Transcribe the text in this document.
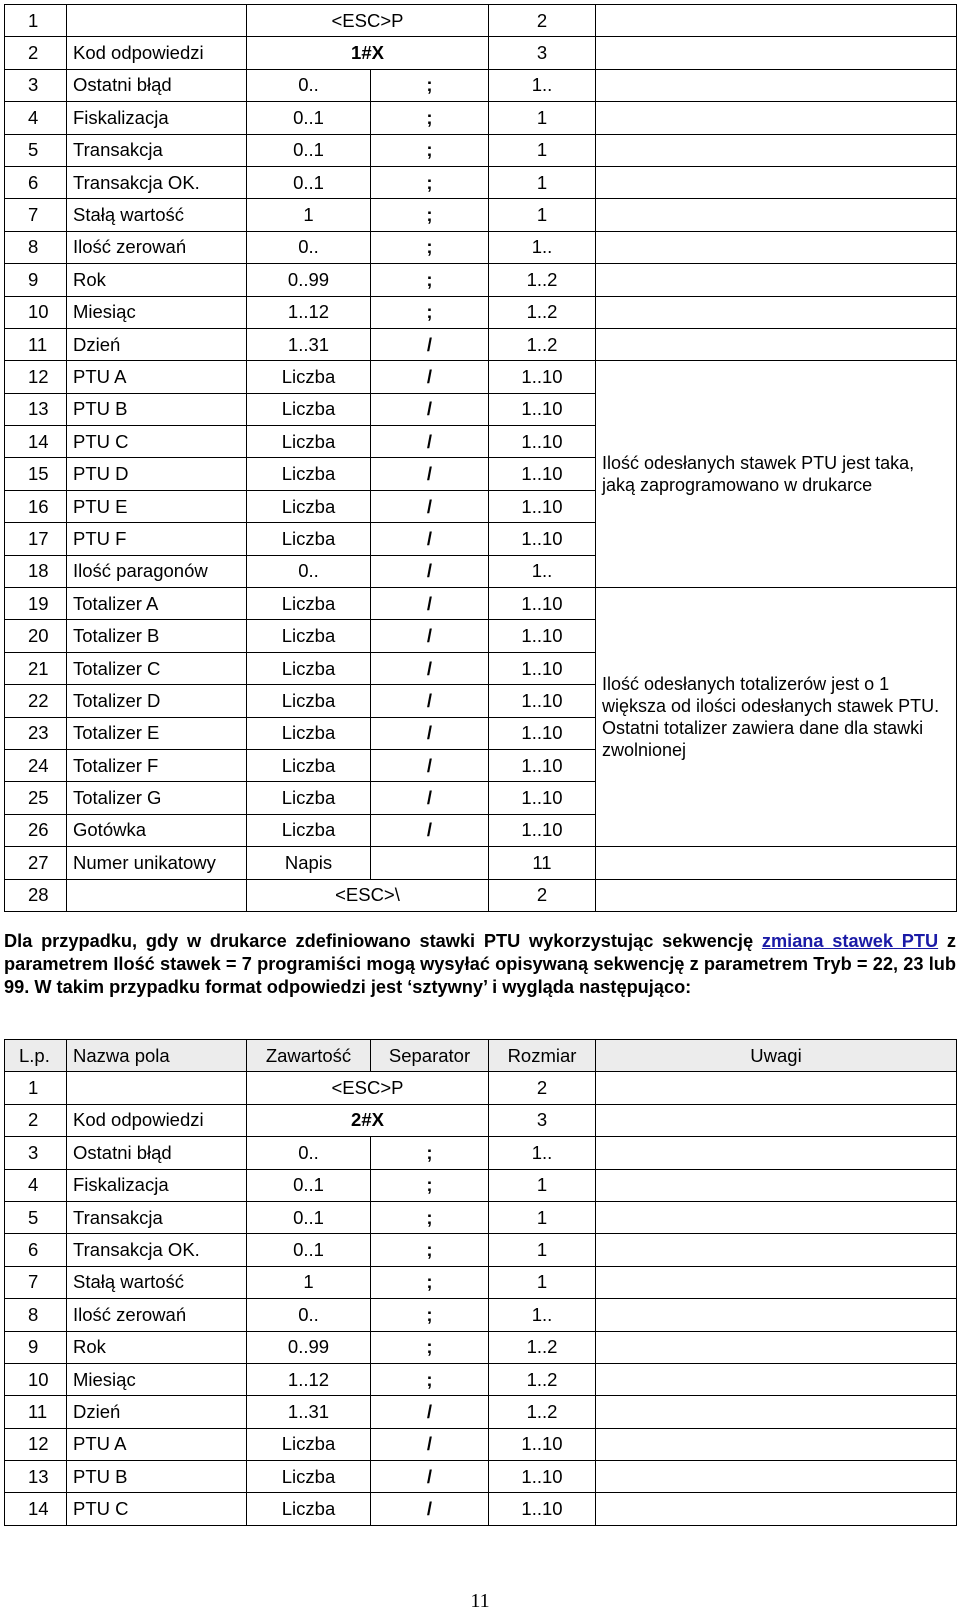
1		<ESC>P		2	
2	Kod odpowiedzi	1#X		3	
3	Ostatni błąd	0..	;	1..	
4	Fiskalizacja	0..1	;	1	
5	Transakcja	0..1	;	1	
6	Transakcja OK.	0..1	;	1	
7	Stałą wartość	1	;	1	
8	Ilość zerowań	0..	;	1..	
9	Rok	0..99	;	1..2	
10	Miesiąc	1..12	;	1..2	
11	Dzień	1..31	/	1..2	
12	PTU A	Liczba	/	1..10	Ilość odesłanych stawek PTU jest taka, jaką zaprogramowano w drukarce
13	PTU B	Liczba	/	1..10	
14	PTU C	Liczba	/	1..10	
15	PTU D	Liczba	/	1..10	
16	PTU E	Liczba	/	1..10	
17	PTU F	Liczba	/	1..10	
18	Ilość paragonów	0..	/	1..	
19	Totalizer A	Liczba	/	1..10	Ilość odesłanych totalizerów jest o 1 większa od ilości odesłanych stawek PTU. Ostatni totalizer zawiera dane dla stawki zwolnionej
20	Totalizer B	Liczba	/	1..10	
21	Totalizer C	Liczba	/	1..10	
22	Totalizer D	Liczba	/	1..10	
23	Totalizer E	Liczba	/	1..10	
24	Totalizer F	Liczba	/	1..10	
25	Totalizer G	Liczba	/	1..10	
26	Gotówka	Liczba	/	1..10	
27	Numer unikatowy	Napis		11	
28		<ESC>\		2	
Dla przypadku, gdy w drukarce zdefiniowano stawki PTU wykorzystując sekwencję zmiana stawek PTU z parametrem Ilość stawek = 7 programiści mogą wysyłać opisywaną sekwencję z parametrem Tryb = 22, 23 lub 99. W takim przypadku format odpowiedzi jest ‘sztywny’ i wygląda następująco:
L.p.	Nazwa pola	Zawartość	Separator	Rozmiar	Uwagi
1		<ESC>P		2	
2	Kod odpowiedzi	2#X		3	
3	Ostatni błąd	0..	;	1..	
4	Fiskalizacja	0..1	;	1	
5	Transakcja	0..1	;	1	
6	Transakcja OK.	0..1	;	1	
7	Stałą wartość	1	;	1	
8	Ilość zerowań	0..	;	1..	
9	Rok	0..99	;	1..2	
10	Miesiąc	1..12	;	1..2	
11	Dzień	1..31	/	1..2	
12	PTU A	Liczba	/	1..10	
13	PTU B	Liczba	/	1..10	
14	PTU C	Liczba	/	1..10	
11
